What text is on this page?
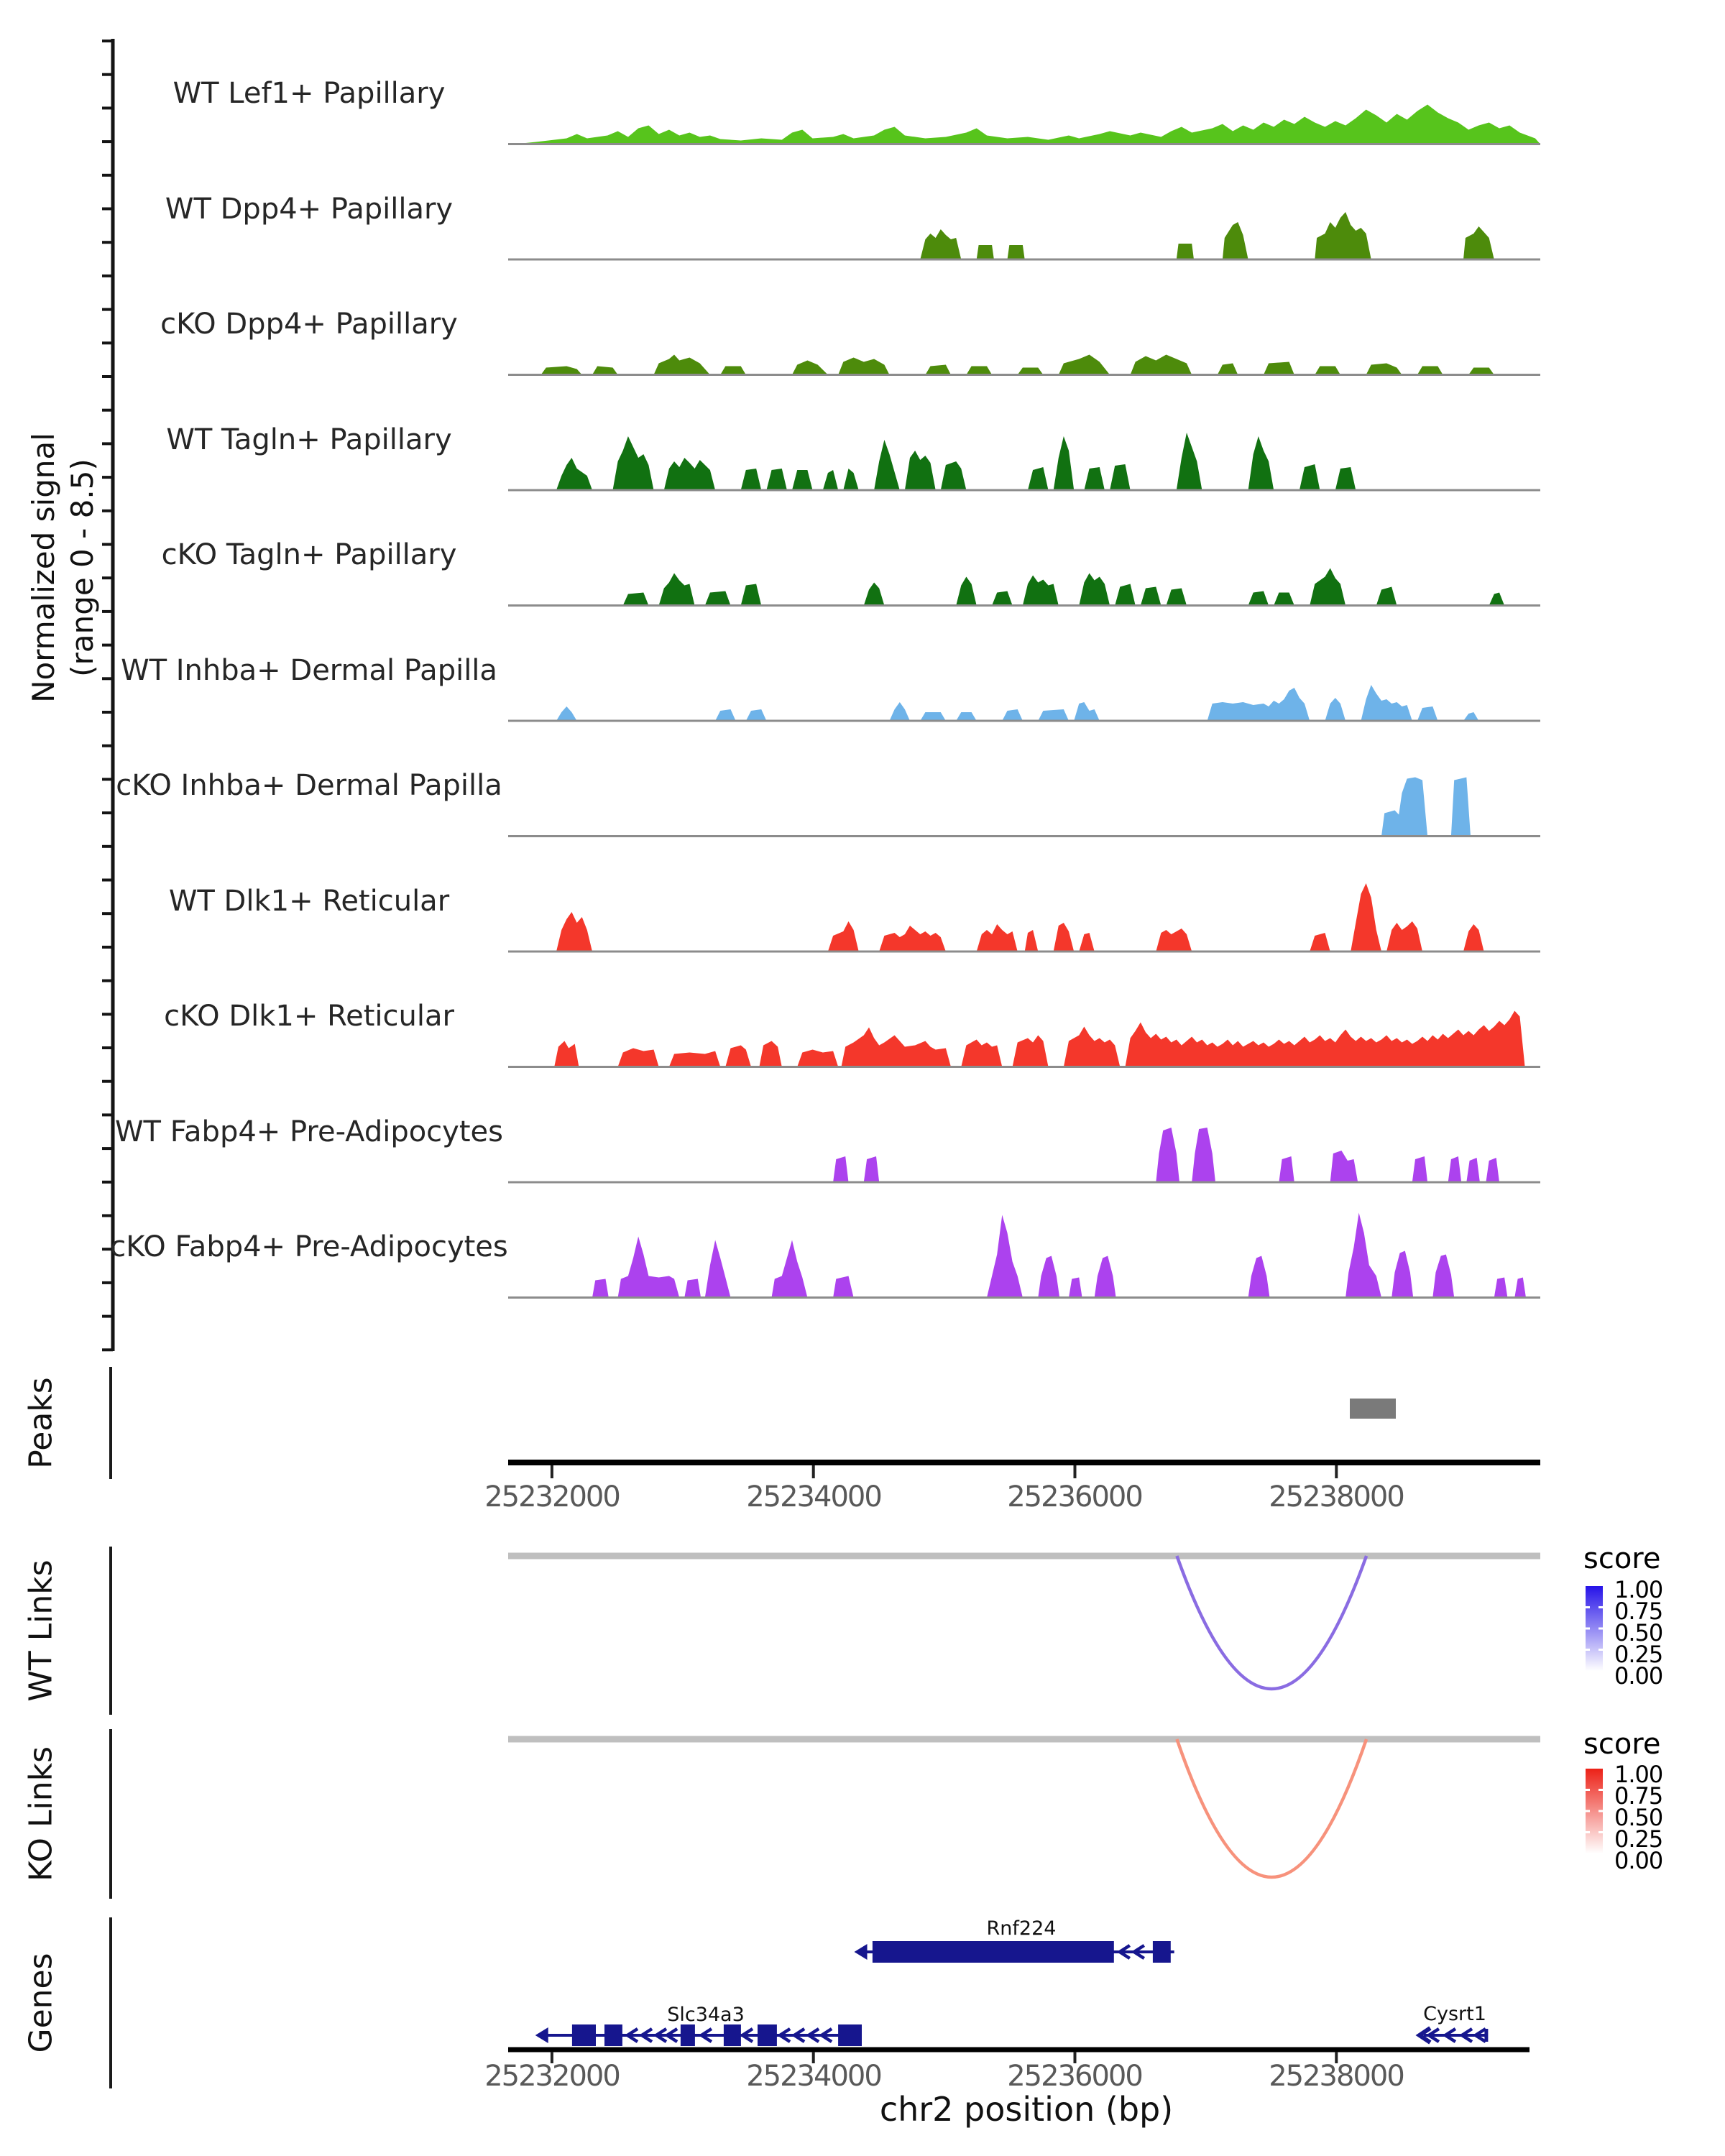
Normalized signal (range 0 - 8.5)
WT Lef1+ Papillary
WT Dpp4+ Papillary
cKO Dpp4+ Papillary
WT Tagln+ Papillary
cKO Tagln+ Papillary
WT Inhba+ Dermal Papilla
cKO Inhba+ Dermal Papilla
WT Dlk1+ Reticular
cKO Dlk1+ Reticular
WT Fabp4+ Pre-Adipocytes
cKO Fabp4+ Pre-Adipocytes
Peaks
WT Links
KO Links
Genes
25232000	25234000	25236000	25238000
score
1.00
0.75
0.50
0.25
0.00
score
1.00
0.75
0.50
0.25
0.00
Rnf224
Slc34a3	Cysrt1
25232000	25234000	25236000	25238000
chr2 position (bp)
